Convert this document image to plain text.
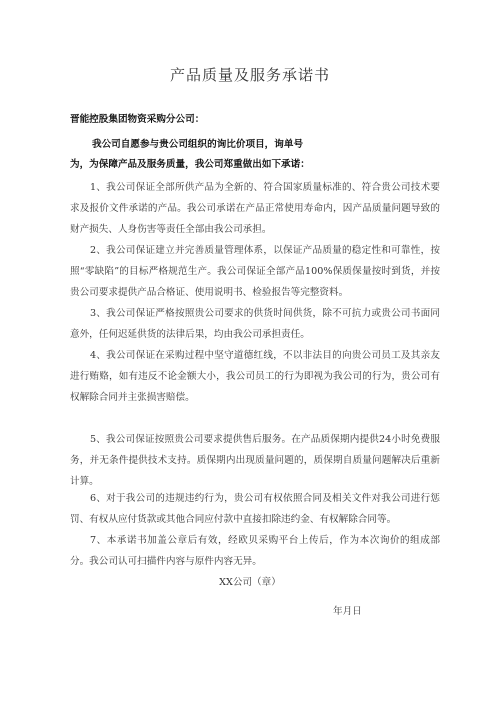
产品质量及服务承诺书
晋能控股集团物资采购分公司：
我公司自愿参与贵公司组织的询比价项目，询单号
为，为保障产品及服务质量，我公司郑重做出如下承诺：
1、我公司保证全部所供产品为全新的、符合国家质量标准的、符合贵公司技术要求及报价文件承诺的产品。我公司承诺在产品正常使用寿命内，因产品质量问题导致的财产损失、人身伤害等责任全部由我公司承担。
2、我公司保证建立并完善质量管理体系，以保证产品质量的稳定性和可靠性，按照“零缺陷”的目标严格规范生产。我公司保证全部产品100%保质保量按时到货，并按贵公司要求提供产品合格证、使用说明书、检验报告等完整资料。
3、我公司保证严格按照贵公司要求的供货时间供货，除不可抗力或贵公司书面同意外，任何迟延供货的法律后果，均由我公司承担责任。
4、我公司保证在采购过程中坚守道德红线，不以非法目的向贵公司员工及其亲友进行贿赂，如有违反不论金额大小，我公司员工的行为即视为我公司的行为，贵公司有权解除合同并主张损害赔偿。
5、我公司保证按照贵公司要求提供售后服务。在产品质保期内提供24小时免费服务，并无条件提供技术支持。质保期内出现质量问题的，质保期自质量问题解决后重新计算。
6、对于我公司的违规违约行为，贵公司有权依照合同及相关文件对我公司进行惩罚、有权从应付货款或其他合同应付款中直接扣除违约金、有权解除合同等。
7、本承诺书加盖公章后有效，经欧贝采购平台上传后，作为本次询价的组成部分。我公司认可扫描件内容与原件内容无异。
XX公司（章）
年月日
